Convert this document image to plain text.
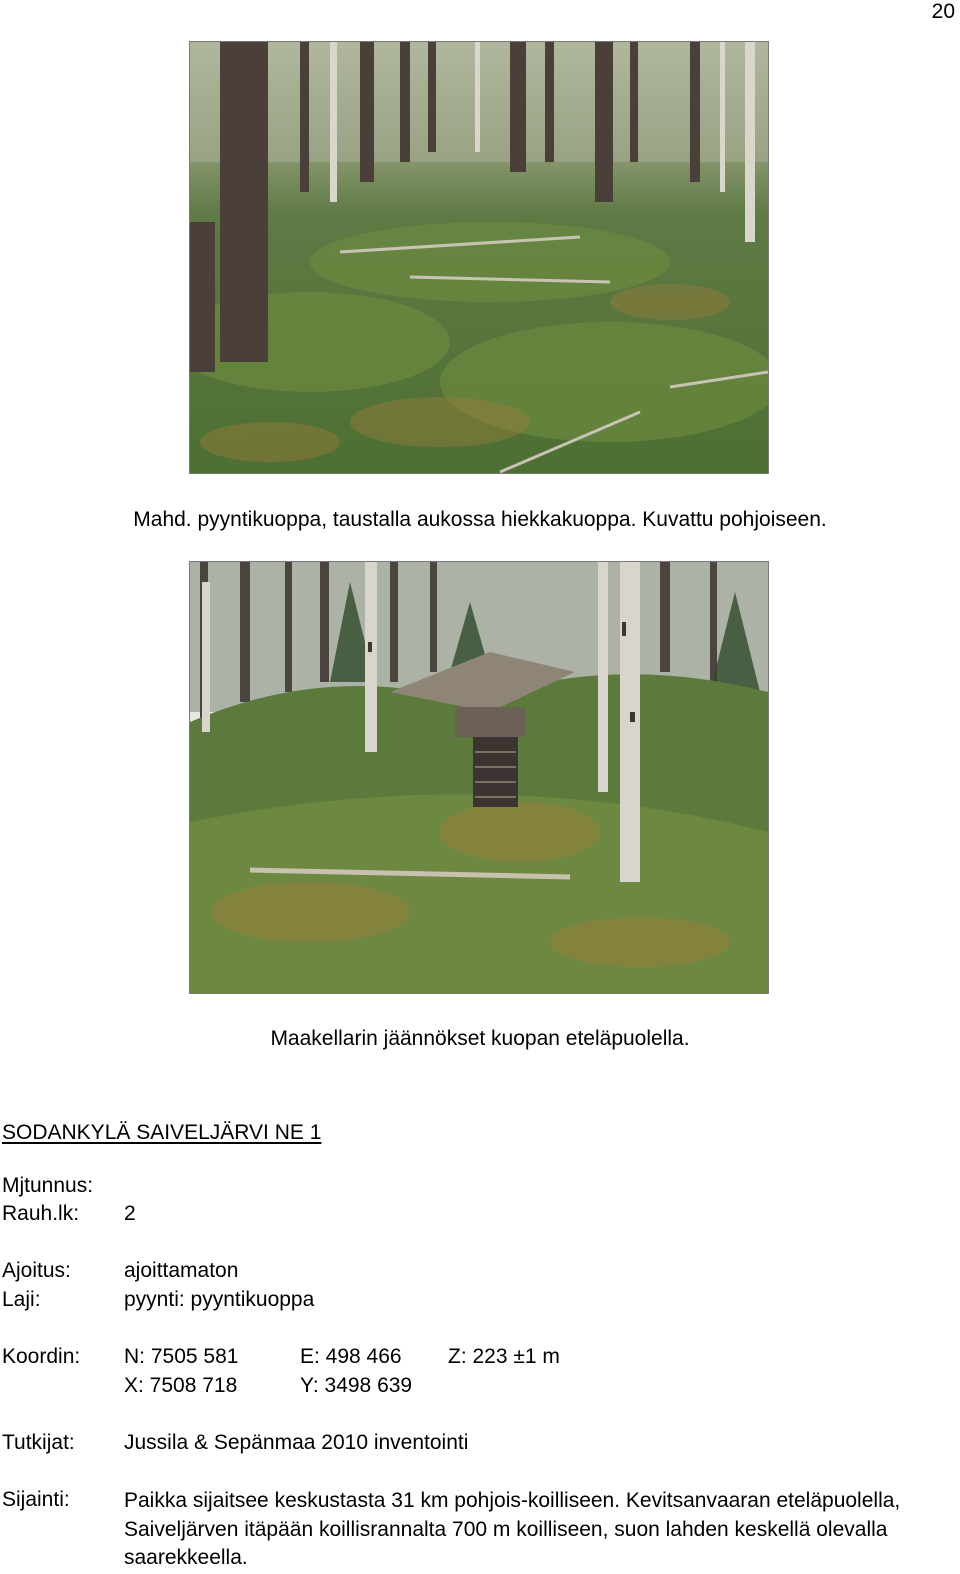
20
Mahd. pyyntikuoppa, taustalla aukossa hiekkakuoppa. Kuvattu pohjoiseen.
Maakellarin jäännökset kuopan eteläpuolella.
SODANKYLÄ SAIVELJÄRVI NE 1
Mjtunnus:
Rauh.lk: 2
Ajoitus:	ajoittamaton
Laji:	pyynti: pyyntikuoppa
Koordin: N: 7505 581	E: 498 466 Z: 223 ±1 m
X: 7508 718	Y: 3498 639
Tutkijat: Jussila & Sepänmaa 2010 inventointi
Sijainti:	Paikka sijaitsee keskustasta 31 km pohjois-koilliseen. Kevitsanvaaran eteläpuolella, Saiveljärven itäpään koillisrannalta 700 m koilliseen, suon lahden keskellä olevalla saarekkeella.
